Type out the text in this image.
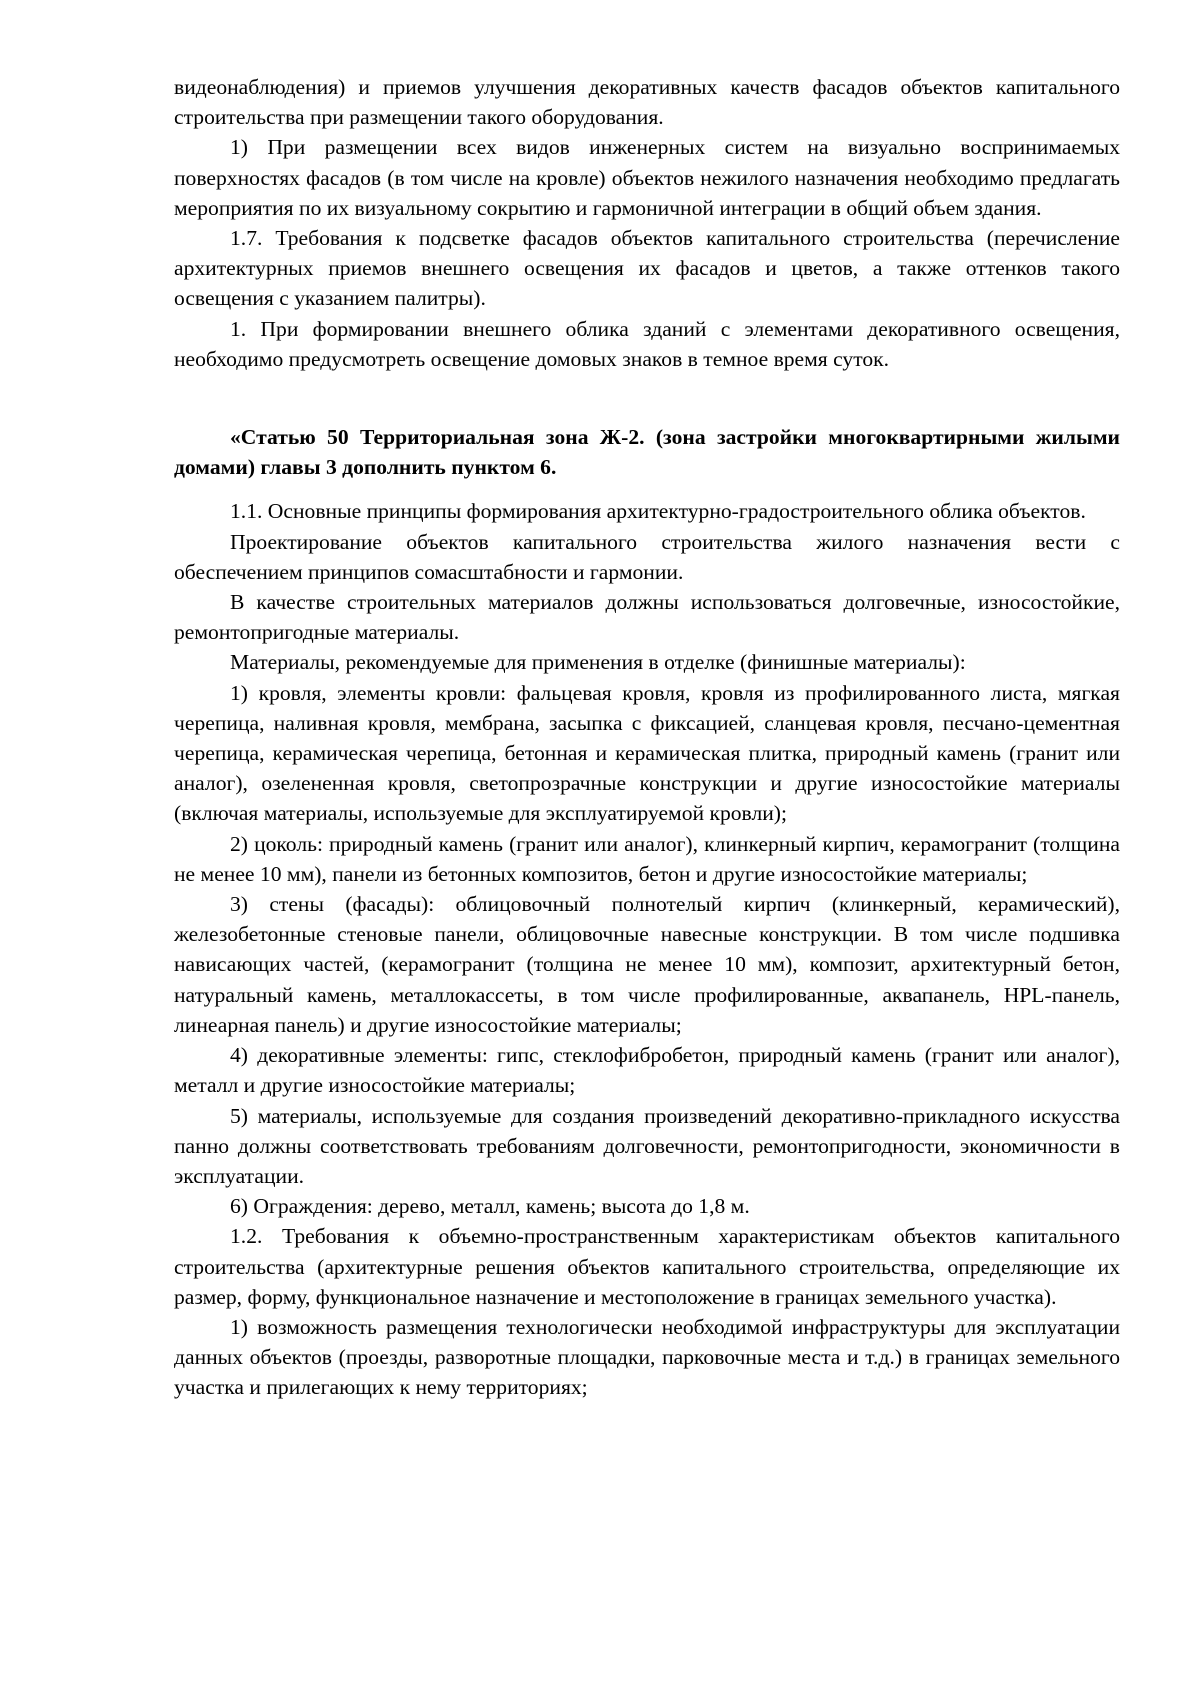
видеонаблюдения) и приемов улучшения декоративных качеств фасадов объектов капитального строительства при размещении такого оборудования.

1) При размещении всех видов инженерных систем на визуально воспринимаемых поверхностях фасадов (в том числе на кровле) объектов нежилого назначения необходимо предлагать мероприятия по их визуальному сокрытию и гармоничной интеграции в общий объем здания.

1.7. Требования к подсветке фасадов объектов капитального строительства (перечисление архитектурных приемов внешнего освещения их фасадов и цветов, а также оттенков такого освещения с указанием палитры).

1. При формировании внешнего облика зданий с элементами декоративного освещения, необходимо предусмотреть освещение домовых знаков в темное время суток.

«Статью 50 Территориальная зона Ж-2. (зона застройки многоквартирными жилыми домами) главы 3 дополнить пунктом 6.

1.1. Основные принципы формирования архитектурно-градостроительного облика объектов.

Проектирование объектов капитального строительства жилого назначения вести с обеспечением принципов сомасштабности и гармонии.

В качестве строительных материалов должны использоваться долговечные, износостойкие, ремонтопригодные материалы.

Материалы, рекомендуемые для применения в отделке (финишные материалы):

1) кровля, элементы кровли: фальцевая кровля, кровля из профилированного листа, мягкая черепица, наливная кровля, мембрана, засыпка с фиксацией, сланцевая кровля, песчано-цементная черепица, керамическая черепица, бетонная и керамическая плитка, природный камень (гранит или аналог), озелененная кровля, светопрозрачные конструкции и другие износостойкие материалы (включая материалы, используемые для эксплуатируемой кровли);

2) цоколь: природный камень (гранит или аналог), клинкерный кирпич, керамогранит (толщина не менее 10 мм), панели из бетонных композитов, бетон и другие износостойкие материалы;

3) стены (фасады): облицовочный полнотелый кирпич (клинкерный, керамический), железобетонные стеновые панели, облицовочные навесные конструкции. В том числе подшивка нависающих частей, (керамогранит (толщина не менее 10 мм), композит, архитектурный бетон, натуральный камень, металлокассеты, в том числе профилированные, аквапанель, HPL-панель, линеарная панель) и другие износостойкие материалы;

4) декоративные элементы: гипс, стеклофибробетон, природный камень (гранит или аналог), металл и другие износостойкие материалы;

5) материалы, используемые для создания произведений декоративно-прикладного искусства панно должны соответствовать требованиям долговечности, ремонтопригодности, экономичности в эксплуатации.

6) Ограждения: дерево, металл, камень; высота до 1,8 м.

1.2. Требования к объемно-пространственным характеристикам объектов капитального строительства (архитектурные решения объектов капитального строительства, определяющие их размер, форму, функциональное назначение и местоположение в границах земельного участка).

1) возможность размещения технологически необходимой инфраструктуры для эксплуатации данных объектов (проезды, разворотные площадки, парковочные места и т.д.) в границах земельного участка и прилегающих к нему территориях;
